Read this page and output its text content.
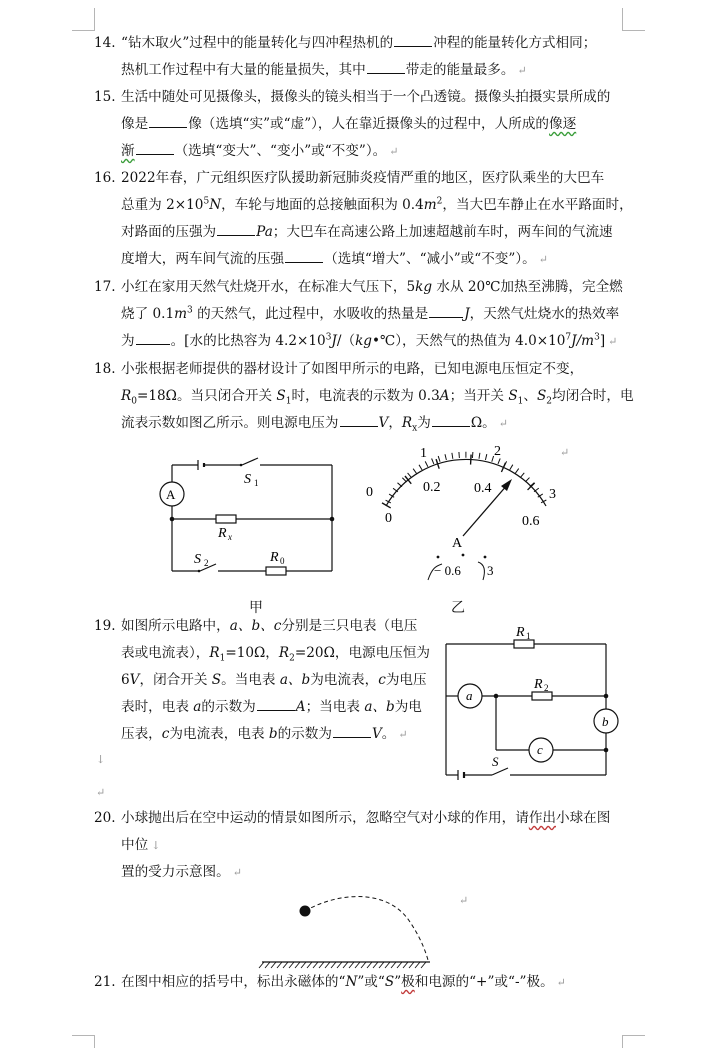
14. “钻木取火”过程中的能量转化与四冲程热机的	冲程的能量转化方式相同；
热机工作过程中有大量的能量损失，其中	带走的能量最多。 ↵
15. 生活中随处可见摄像头，摄像头的镜头相当于一个凸透镜。摄像头拍摄实景所成的
像是	像（选填“实”或“虚”），人在靠近摄像头的过程中，人所成的像逐
渐	（选填“变大”、“变小”或“不变”）。 ↵
16. 2022年春，广元组织医疗队援助新冠肺炎疫情严重的地区，医疗队乘坐的大巴车
总重为 $2\times 10^5N$，车轮与地面的总接触面积为 $0.4m^2$，当大巴车静止在水平路面时，
对路面的压强为	Pa；大巴车在高速公路上加速超越前车时，两车间的气流速
度增大，两车间气流的压强	（选填“增大”、“减小”或“不变”）。 ↵
17. 小红在家用天然气灶烧开水，在标准大气压下，5kg 水从 20℃加热至沸腾，完全燃
烧了 $0.1m^3$ 的天然气，此过程中，水吸收的热量是	J，天然气灶烧水的热效率
为	。[水的比热容为 $4.2\times 10^3J/(kg•℃)$，天然气的热值为 $4.0\times 10^7J/m^3$] ↵
18. 小张根据老师提供的器材设计了如图甲所示的电路，已知电源电压恒定不变，
$R_0=18\Omega$。当只闭合开关 $S_1$时，电流表的示数为 0.3A；当开关 $S_1$、$S_2$均闭合时，电
流表示数如图乙所示。则电源电压为	V，$R_x$为	Ω。 ↵
↵
A
S 1
R x
S 2	R 0
甲
0
1	2
3
0
0.2 0.4
0.6
A
− 0.6 3
乙
19. 如图所示电路中，a、b、c分别是三只电表（电压
表或电流表），$R_1=10\Omega$，$R_2=20\Omega$，电源电压恒为
6V，闭合开关 S。当电表 a、b为电流表，c为电压
表时，电表 a的示数为	A；当电表 a、b为电
压表，c为电流表，电表 b的示数为	V。 ↵
↓
↵
R 1
R 2
a
b
c
S
20. 小球抛出后在空中运动的情景如图所示，忽略空气对小球的作用，请作出小球在图
中位 ↓
置的受力示意图。 ↵
↵
21. 在图中相应的括号中，标出永磁体的“N”或“S”极和电源的“+”或“-”极。 ↵
